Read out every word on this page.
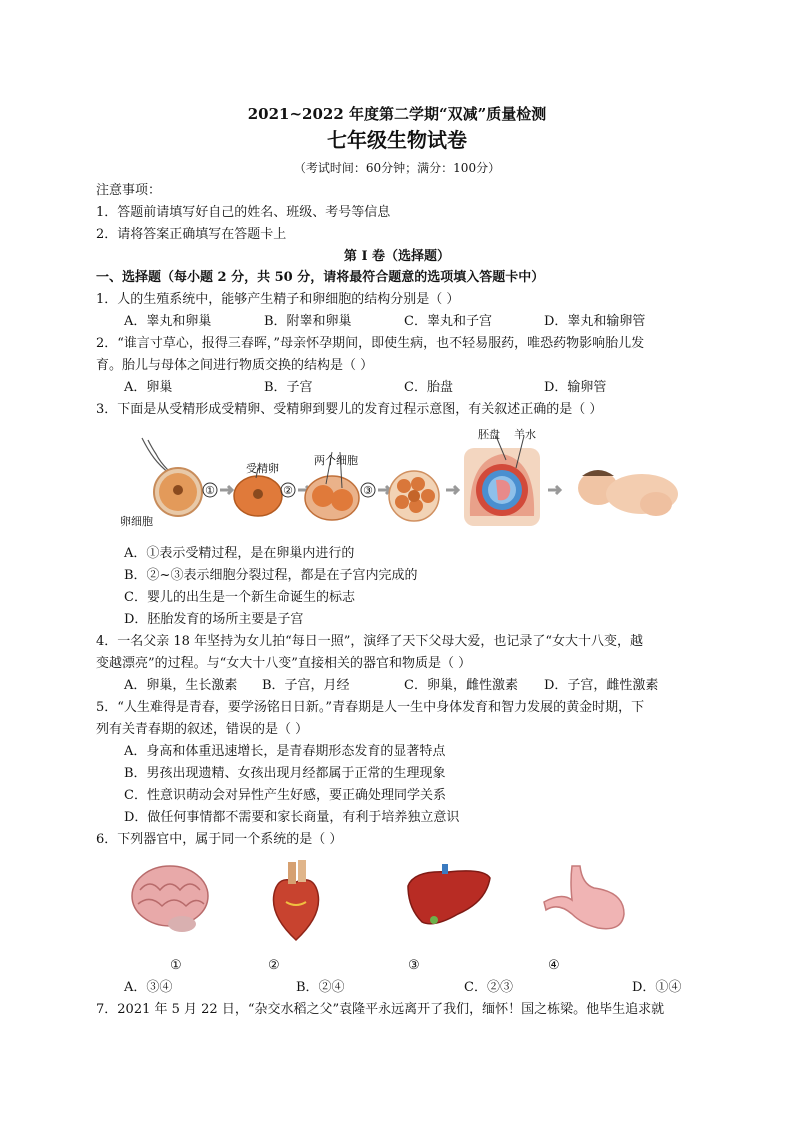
2021~2022 年度第二学期“双减”质量检测
七年级生物试卷
（考试时间：60分钟；满分：100分）
注意事项：
1．答题前请填写好自己的姓名、班级、考号等信息
2．请将答案正确填写在答题卡上
第 I 卷（选择题）
一、选择题（每小题 2 分，共 50 分，请将最符合题意的选项填入答题卡中）
1．人的生殖系统中，能够产生精子和卵细胞的结构分别是（ ）
A．睾丸和卵巢	B．附睾和卵巢	C．睾丸和子宫	D．睾丸和输卵管
2．“谁言寸草心，报得三春晖，”母亲怀孕期间，即使生病，也不轻易服药，唯恐药物影响胎儿发
育。胎儿与母体之间进行物质交换的结构是（ ）
A．卵巢	B．子宫	C．胎盘	D．输卵管
3．下面是从受精形成受精卵、受精卵到婴儿的发育过程示意图，有关叙述正确的是（ ）
卵细胞
受精卵
两个细胞
胚盘 羊水
①	②	③
A．①表示受精过程，是在卵巢内进行的
B．②~③表示细胞分裂过程，都是在子宫内完成的
C．婴儿的出生是一个新生命诞生的标志
D．胚胎发育的场所主要是子宫
4．一名父亲 18 年坚持为女儿拍“每日一照”，演绎了天下父母大爱，也记录了“女大十八变，越
变越漂亮”的过程。与“女大十八变”直接相关的器官和物质是（ ）
A．卵巢，生长激素 B．子宫，月经	C．卵巢，雌性激素 D．子宫，雌性激素
5．“人生难得是青春，要学汤铭日日新。”青春期是人一生中身体发育和智力发展的黄金时期，下
列有关青春期的叙述，错误的是（ ）
A．身高和体重迅速增长，是青春期形态发育的显著特点
B．男孩出现遗精、女孩出现月经都属于正常的生理现象
C．性意识萌动会对异性产生好感，要正确处理同学关系
D．做任何事情都不需要和家长商量，有利于培养独立意识
6．下列器官中，属于同一个系统的是（ ）
①	②	③	④
A．③④	B．②④	C．②③	D．①④
7．2021 年 5 月 22 日，“杂交水稻之父”袁隆平永远离开了我们，缅怀！国之栋梁。他毕生追求就
